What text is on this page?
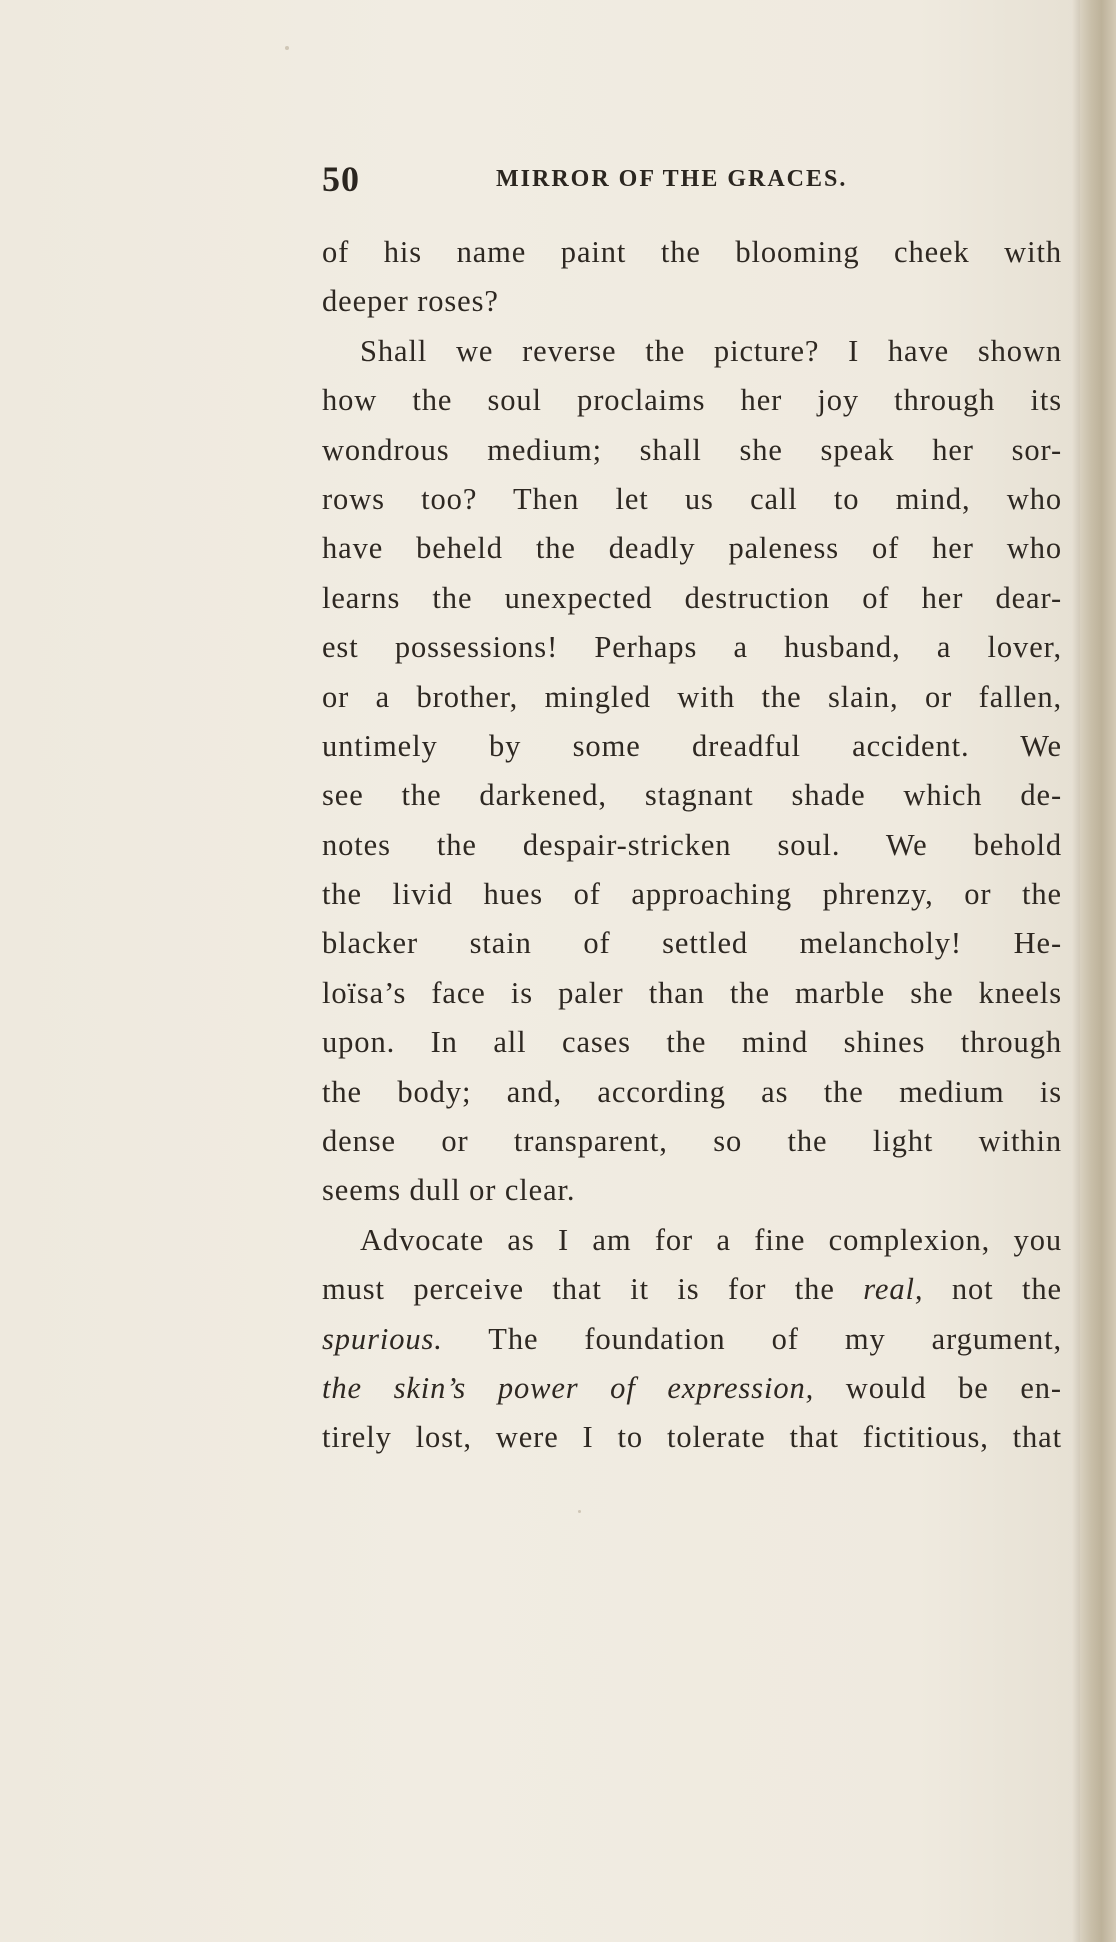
50	MIRROR OF THE GRACES.
of his name paint the blooming cheek with
deeper roses?
Shall we reverse the picture? I have shown
how the soul proclaims her joy through its
wondrous medium; shall she speak her sor-
rows too? Then let us call to mind, who
have beheld the deadly paleness of her who
learns the unexpected destruction of her dear-
est possessions! Perhaps a husband, a lover,
or a brother, mingled with the slain, or fallen,
untimely by some dreadful accident. We
see the darkened, stagnant shade which de-
notes the despair-stricken soul. We behold
the livid hues of approaching phrenzy, or the
blacker stain of settled melancholy! He-
loïsa’s face is paler than the marble she kneels
upon. In all cases the mind shines through
the body; and, according as the medium is
dense or transparent, so the light within
seems dull or clear.
Advocate as I am for a fine complexion, you
must perceive that it is for the real, not the
spurious. The foundation of my argument,
the skin’s power of expression, would be en-
tirely lost, were I to tolerate that fictitious, that
